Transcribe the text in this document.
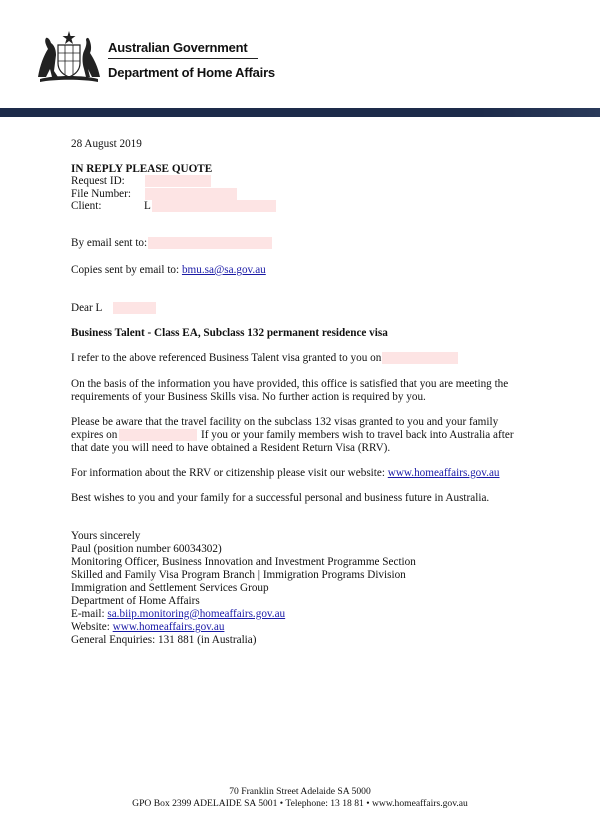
Australian Government
Department of Home Affairs
28 August 2019
IN REPLY PLEASE QUOTE
Request ID:
File Number:
Client:	L
By email sent to:
Copies sent by email to: bmu.sa@sa.gov.au
Dear L
Business Talent - Class EA, Subclass 132 permanent residence visa
I refer to the above referenced Business Talent visa granted to you on
On the basis of the information you have provided, this office is satisfied that you are meeting the
requirements of your Business Skills visa. No further action is required by you.
Please be aware that the travel facility on the subclass 132 visas granted to you and your family
expires on	If you or your family members wish to travel back into Australia after
that date you will need to have obtained a Resident Return Visa (RRV).
For information about the RRV or citizenship please visit our website: www.homeaffairs.gov.au
Best wishes to you and your family for a successful personal and business future in Australia.
Yours sincerely
Paul (position number 60034302)
Monitoring Officer, Business Innovation and Investment Programme Section
Skilled and Family Visa Program Branch | Immigration Programs Division
Immigration and Settlement Services Group
Department of Home Affairs
E-mail: sa.biip.monitoring@homeaffairs.gov.au
Website: www.homeaffairs.gov.au
General Enquiries: 131 881 (in Australia)
70 Franklin Street Adelaide SA 5000
GPO Box 2399 ADELAIDE SA 5001 • Telephone: 13 18 81 • www.homeaffairs.gov.au
